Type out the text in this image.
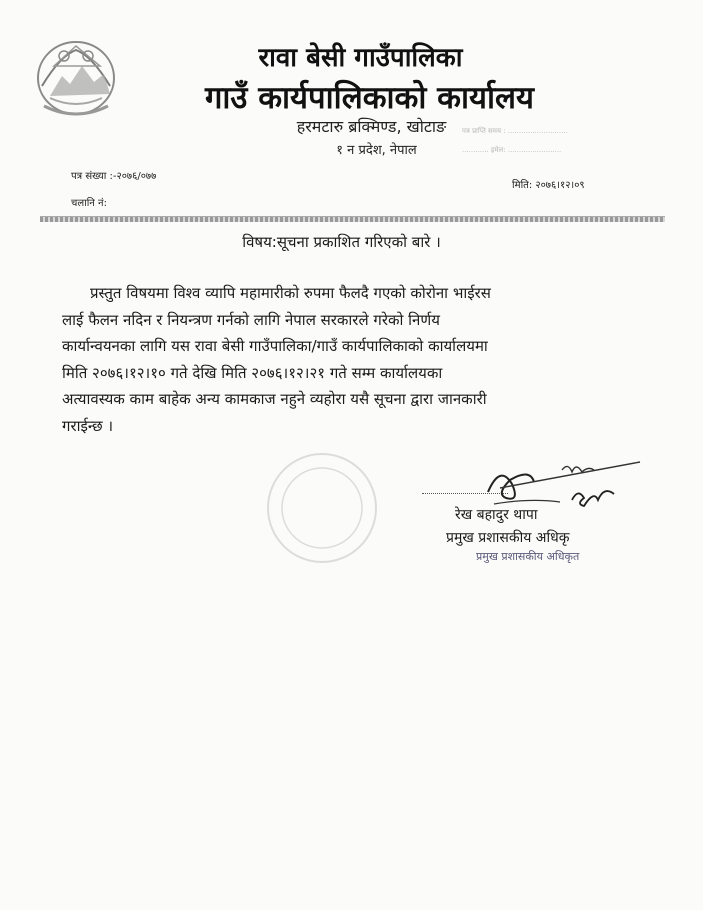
रावा बेसी गाउँपालिका
गाउँ कार्यपालिकाको कार्यालय
हरमटारु ब्रक्मिण्ड, खोटाङ
१ न प्रदेश, नेपाल
पत्र प्राप्ति समय : ...........................
............ इमेल: ........................
पत्र संख्या :-२०७६/०७७
चलानि नं:
मिति: २०७६।१२।०९
विषय:सूचना प्रकाशित गरिएको बारे ।
प्रस्तुत विषयमा विश्व व्यापि महामारीको रुपमा फैलदै गएको कोरोना भाईरस
लाई फैलन नदिन र नियन्त्रण गर्नको लागि नेपाल सरकारले गरेको निर्णय
कार्यान्वयनका लागि यस रावा बेसी गाउँपालिका/गाउँ कार्यपालिकाको कार्यालयमा
मिति २०७६।१२।१० गते देखि मिति २०७६।१२।२१ गते सम्म कार्यालयका
अत्यावस्यक काम बाहेक अन्य कामकाज नहुने व्यहोरा यसै सूचना द्वारा जानकारी
गराईन्छ ।
रेख बहादुर थापा
प्रमुख प्रशासकीय अधिकृ
प्रमुख प्रशासकीय अधिकृत
